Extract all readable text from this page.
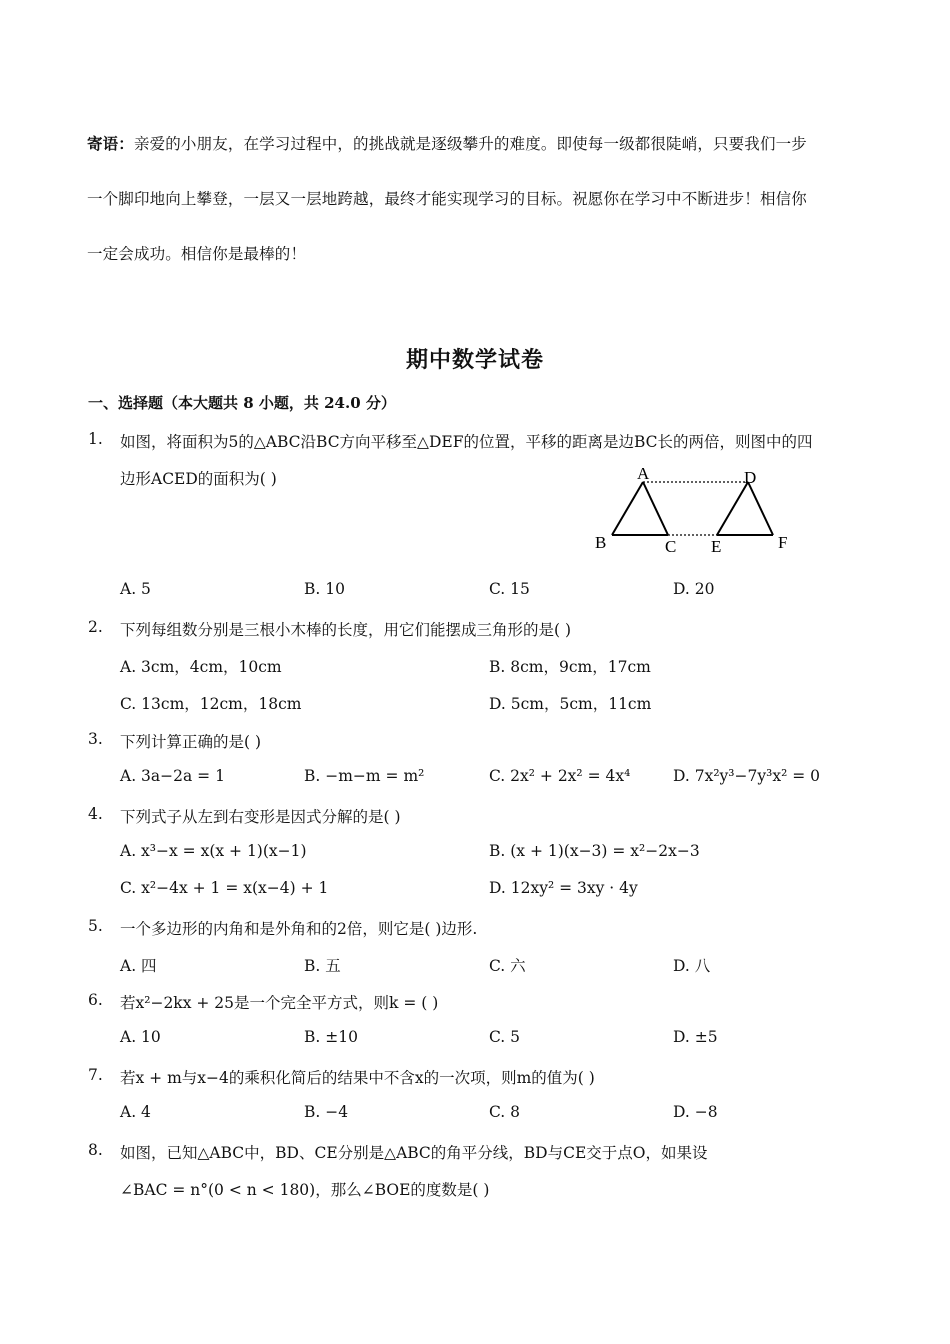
寄语：亲爱的小朋友，在学习过程中，的挑战就是逐级攀升的难度。即使每一级都很陡峭，只要我们一步
一个脚印地向上攀登，一层又一层地跨越，最终才能实现学习的目标。祝愿你在学习中不断进步！相信你
一定会成功。相信你是最棒的！
期中数学试卷
一、选择题（本大题共 8 小题，共 24.0 分）
1. 如图，将面积为5的△ABC沿BC方向平移至△DEF的位置，平移的距离是边BC长的两倍，则图中的四
边形ACED的面积为( )	A
B	C
D
E	F
A. 5	B. 10	C. 15	D. 20
2. 下列每组数分别是三根小木棒的长度，用它们能摆成三角形的是( )
A. 3cm，4cm，10cm	B. 8cm，9cm，17cm
C. 13cm，12cm，18cm	D. 5cm，5cm，11cm
3. 下列计算正确的是( )
A. 3a−2a = 1	B. −m−m = m²	C. 2x² + 2x² = 4x⁴	D. 7x²y³−7y³x² = 0
4. 下列式子从左到右变形是因式分解的是( )
A. x³−x = x(x + 1)(x−1)	B. (x + 1)(x−3) = x²−2x−3
C. x²−4x + 1 = x(x−4) + 1	D. 12xy² = 3xy · 4y
5. 一个多边形的内角和是外角和的2倍，则它是( )边形.
A. 四	B. 五	C. 六	D. 八
6. 若x²−2kx + 25是一个完全平方式，则k = ( )
A. 10	B. ±10	C. 5	D. ±5
7. 若x + m与x−4的乘积化简后的结果中不含x的一次项，则m的值为( )
A. 4	B. −4	C. 8	D. −8
8. 如图，已知△ABC中，BD、CE分别是△ABC的角平分线，BD与CE交于点O，如果设
∠BAC = n°(0 < n < 180)，那么∠BOE的度数是( )
